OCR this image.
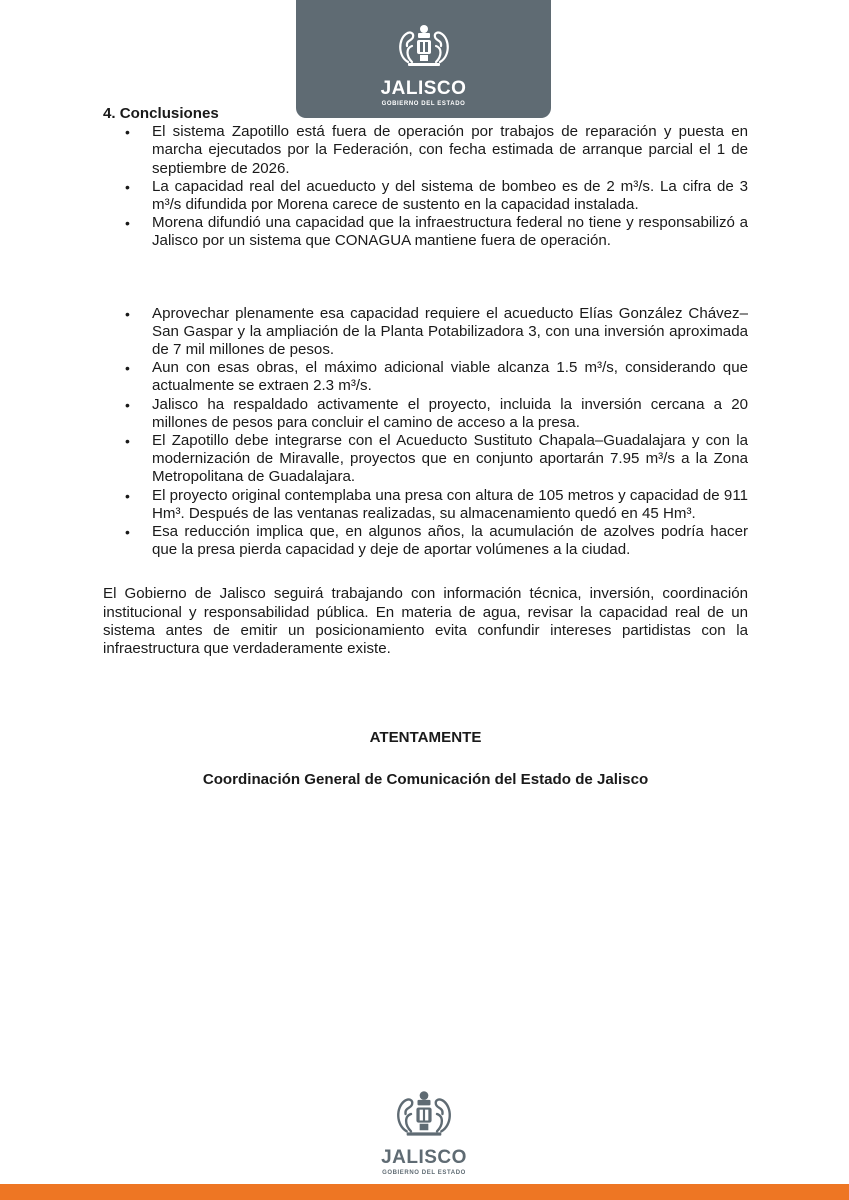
JALISCO
GOBIERNO DEL ESTADO

4. Conclusiones

• El sistema Zapotillo está fuera de operación por trabajos de reparación y puesta en marcha ejecutados por la Federación, con fecha estimada de arranque parcial el 1 de septiembre de 2026.
• La capacidad real del acueducto y del sistema de bombeo es de 2 m³/s. La cifra de 3 m³/s difundida por Morena carece de sustento en la capacidad instalada.
• Morena difundió una capacidad que la infraestructura federal no tiene y responsabilizó a Jalisco por un sistema que CONAGUA mantiene fuera de operación.
• Aprovechar plenamente esa capacidad requiere el acueducto Elías González Chávez–San Gaspar y la ampliación de la Planta Potabilizadora 3, con una inversión aproximada de 7 mil millones de pesos.
• Aun con esas obras, el máximo adicional viable alcanza 1.5 m³/s, considerando que actualmente se extraen 2.3 m³/s.
• Jalisco ha respaldado activamente el proyecto, incluida la inversión cercana a 20 millones de pesos para concluir el camino de acceso a la presa.
• El Zapotillo debe integrarse con el Acueducto Sustituto Chapala–Guadalajara y con la modernización de Miravalle, proyectos que en conjunto aportarán 7.95 m³/s a la Zona Metropolitana de Guadalajara.
• El proyecto original contemplaba una presa con altura de 105 metros y capacidad de 911 Hm³. Después de las ventanas realizadas, su almacenamiento quedó en 45 Hm³.
• Esa reducción implica que, en algunos años, la acumulación de azolves podría hacer que la presa pierda capacidad y deje de aportar volúmenes a la ciudad.

El Gobierno de Jalisco seguirá trabajando con información técnica, inversión, coordinación institucional y responsabilidad pública. En materia de agua, revisar la capacidad real de un sistema antes de emitir un posicionamiento evita confundir intereses partidistas con la infraestructura que verdaderamente existe.

ATENTAMENTE
Coordinación General de Comunicación del Estado de Jalisco
JALISCO
GOBIERNO DEL ESTADO
